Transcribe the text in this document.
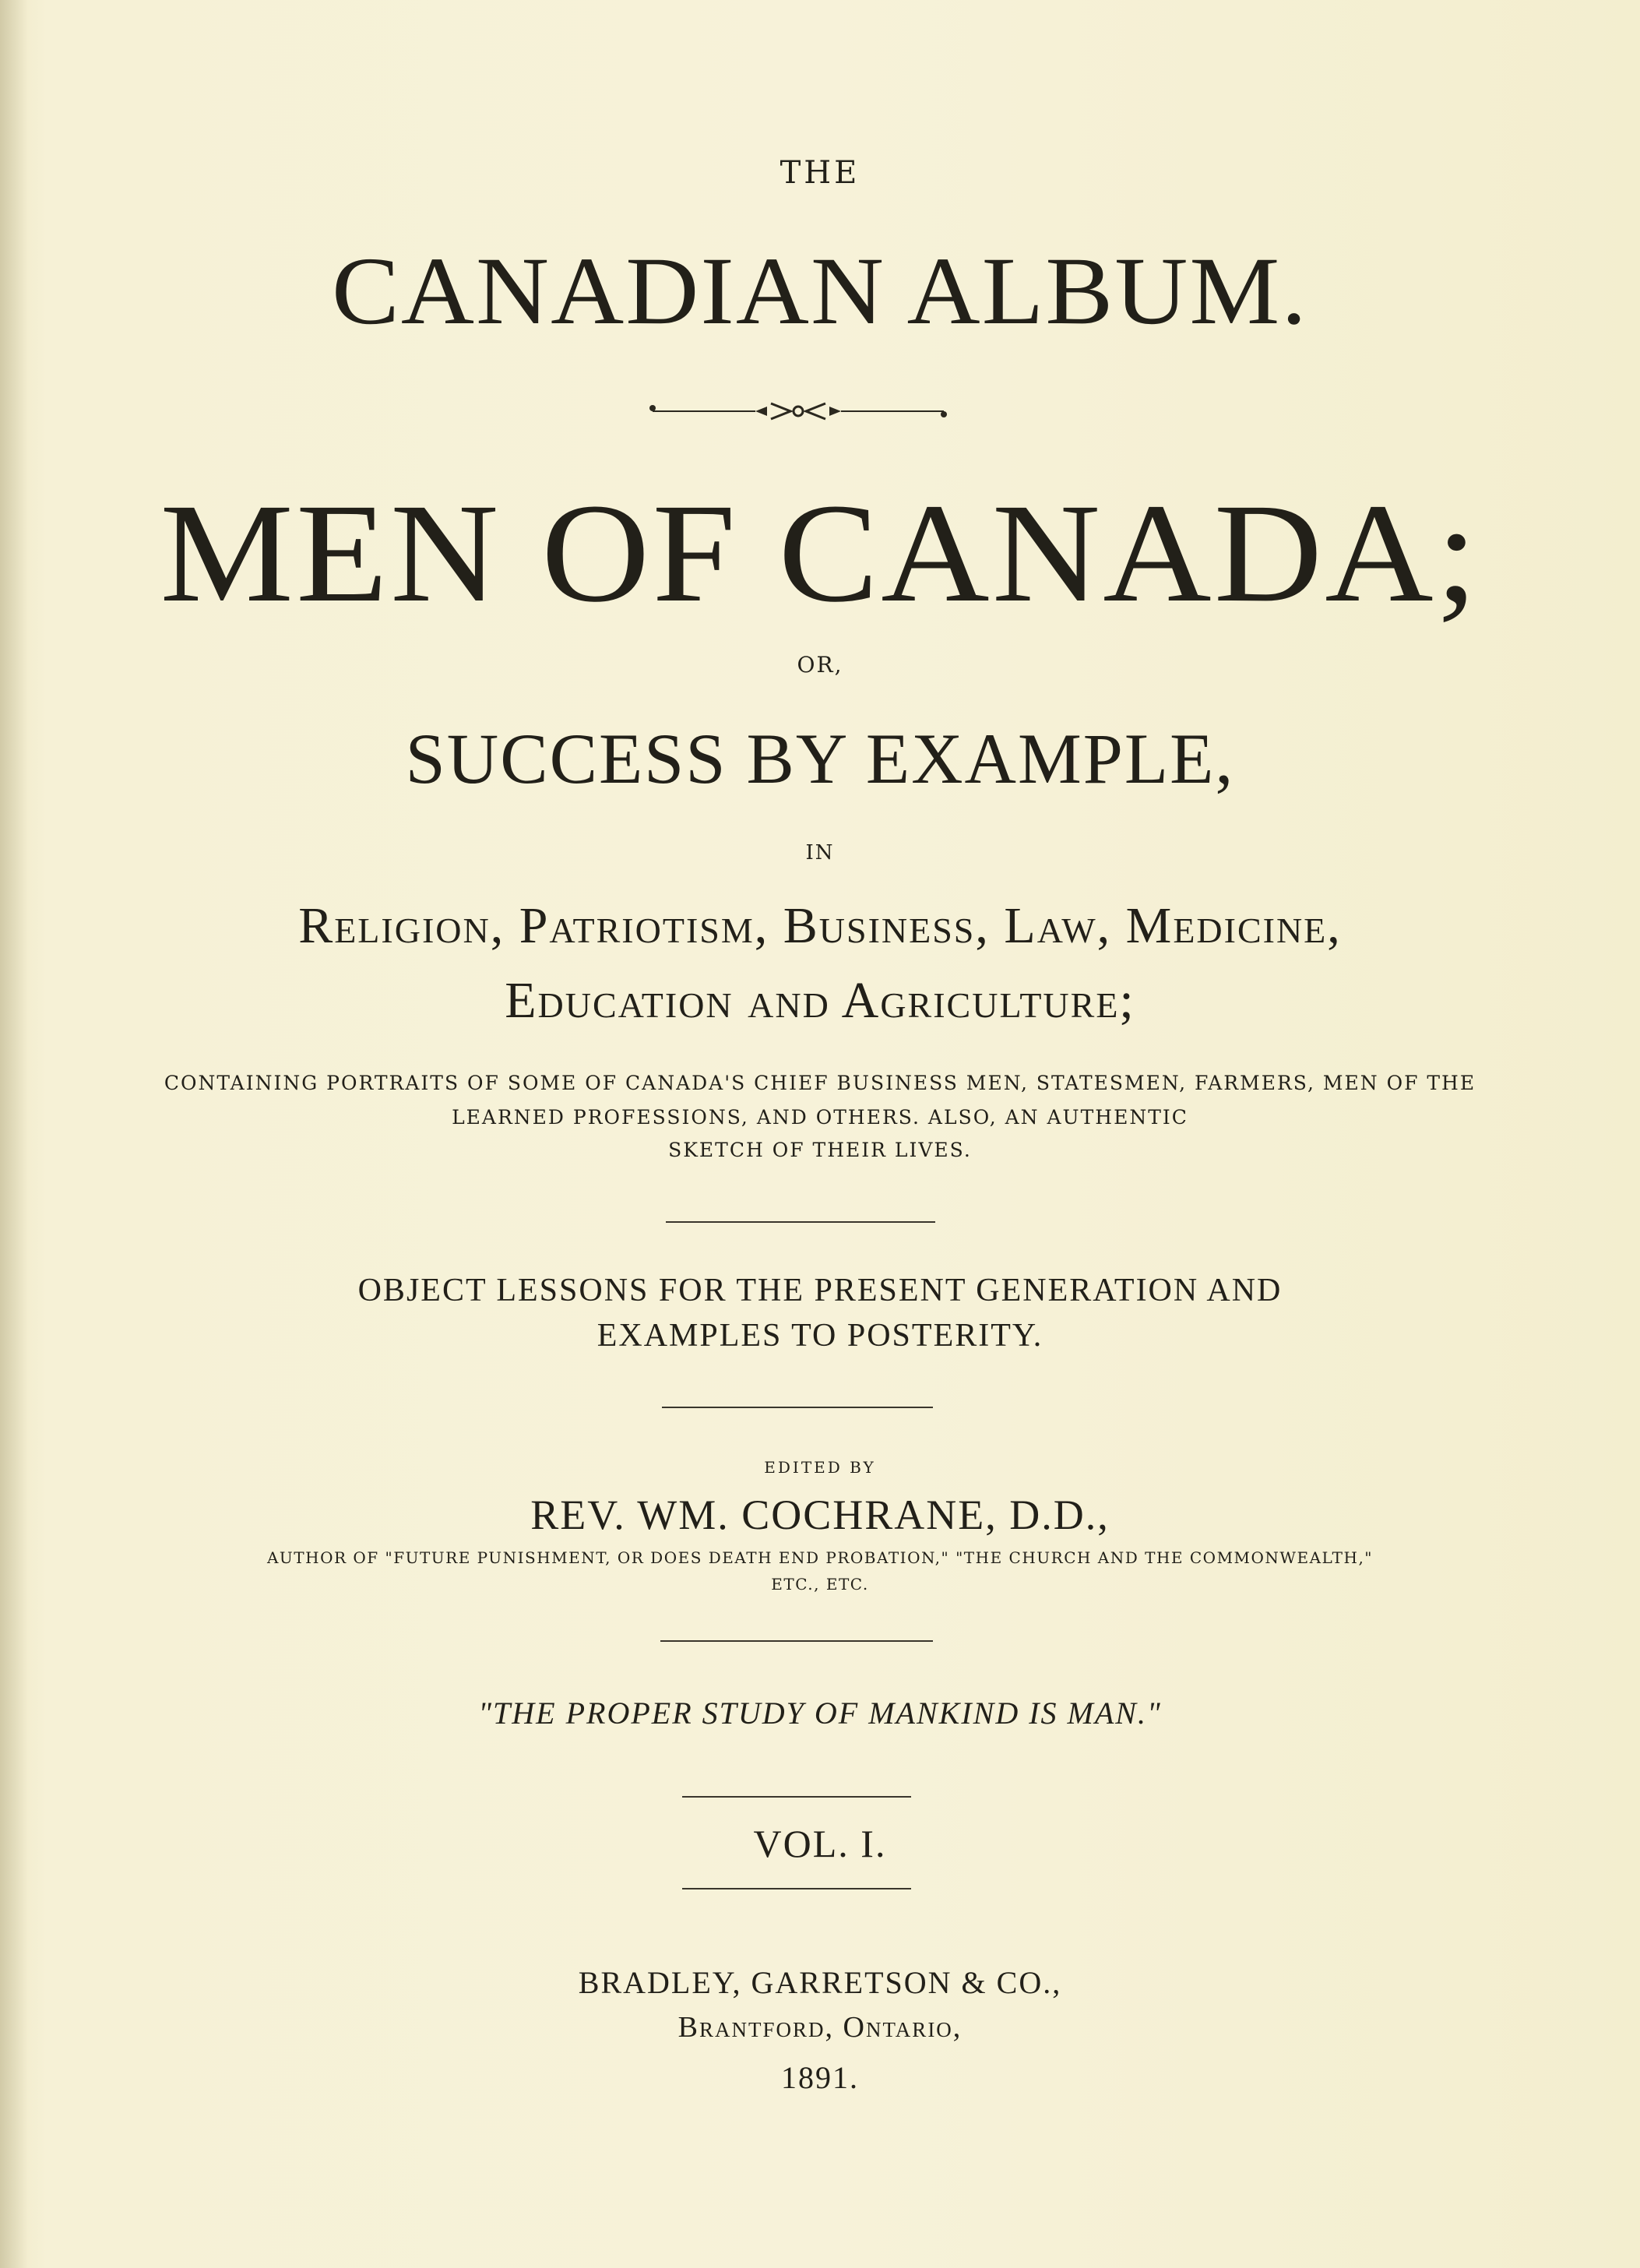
THE
CANADIAN ALBUM.
MEN OF CANADA;
OR,
SUCCESS BY EXAMPLE,
IN
Religion, Patriotism, Business, Law, Medicine,
Education and Agriculture;
CONTAINING PORTRAITS OF SOME OF CANADA'S CHIEF BUSINESS MEN, STATESMEN, FARMERS, MEN OF THE
LEARNED PROFESSIONS, AND OTHERS. ALSO, AN AUTHENTIC
SKETCH OF THEIR LIVES.
OBJECT LESSONS FOR THE PRESENT GENERATION AND
EXAMPLES TO POSTERITY.
EDITED BY
REV. WM. COCHRANE, D.D.,
AUTHOR OF "FUTURE PUNISHMENT, OR DOES DEATH END PROBATION," "THE CHURCH AND THE COMMONWEALTH,"
ETC., ETC.
"THE PROPER STUDY OF MANKIND IS MAN."
VOL. I.
BRADLEY, GARRETSON & CO.,
Brantford, Ontario,
1891.
